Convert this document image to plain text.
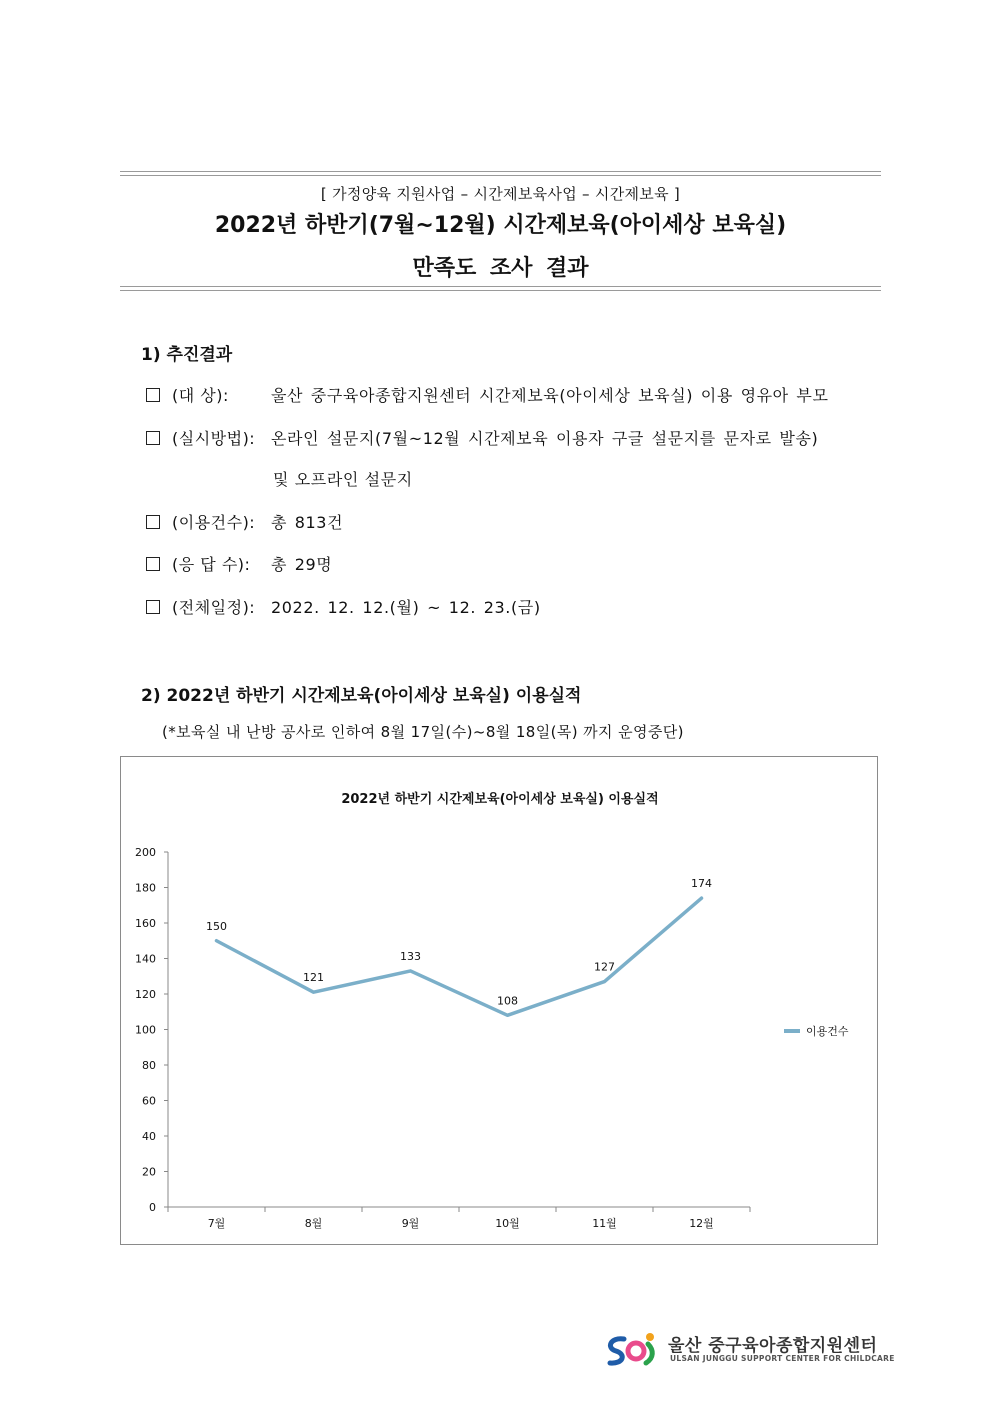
[ 가정양육 지원사업 – 시간제보육사업 – 시간제보육 ]
2022년 하반기(7월~12월) 시간제보육(아이세상 보육실)
만족도 조사 결과
1) 추진결과
(대 상):	울산 중구육아종합지원센터 시간제보육(아이세상 보육실) 이용 영유아 부모
(실시방법): 온라인 설문지(7월~12월 시간제보육 이용자 구글 설문지를 문자로 발송)
및 오프라인 설문지
(이용건수): 총 813건
(응 답 수): 총 29명
(전체일정): 2022. 12. 12.(월) ~ 12. 23.(금)
2) 2022년 하반기 시간제보육(아이세상 보육실) 이용실적
(*보육실 내 난방 공사로 인하여 8월 17일(수)~8월 18일(목) 까지 운영중단)
2022년 하반기 시간제보육(아이세상 보육실) 이용실적
200
180
160
140
120
100
80
60
40
20
0
7월	8월	9월	10월	11월	12월
150
121
133
108
127
174
이용건수
울산 중구육아종합지원센터
ULSAN JUNGGU SUPPORT CENTER FOR CHILDCARE
